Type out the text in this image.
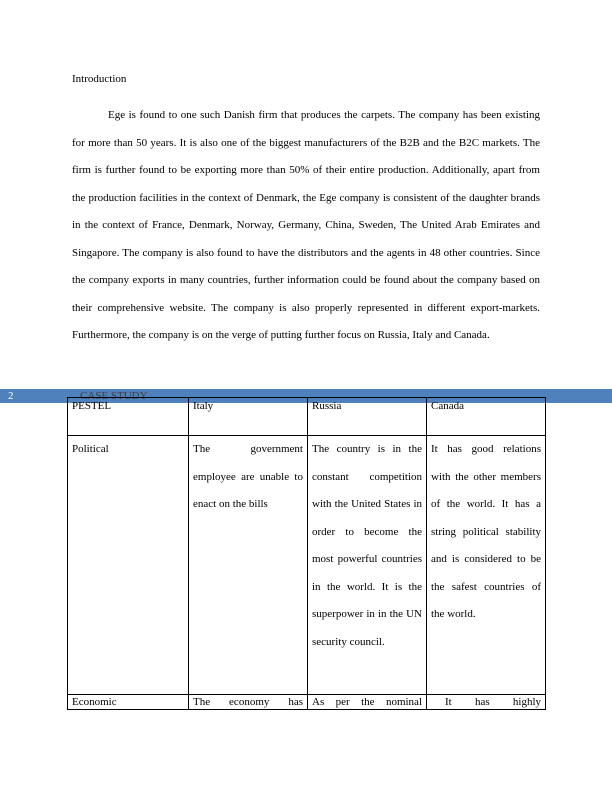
Introduction

Ege is found to one such Danish firm that produces the carpets. The company has been existing for more than 50 years. It is also one of the biggest manufacturers of the B2B and the B2C markets. The firm is further found to be exporting more than 50% of their entire production. Additionally, apart from the production facilities in the context of Denmark, the Ege company is consistent of the daughter brands in the context of France, Denmark, Norway, Germany, China, Sweden, The United Arab Emirates and Singapore. The company is also found to have the distributors and the agents in 48 other countries. Since the company exports in many countries, further information could be found about the company based on their comprehensive website. The company is also properly represented in different export-markets. Furthermore, the company is on the verge of putting further focus on Russia, Italy and Canada.

2	CASE STUDY
PESTEL	Italy	Russia	Canada
Political	The government employee are unable to enact on the bills	The country is in the constant competition with the United States in order to become the most powerful countries in the world. It is the superpower in in the UN security council.	It has good relations with the other members of the world. It has a string political stability and is considered to be the safest countries of the world.

Economic	The economy has	As per the nominal	It has highly
